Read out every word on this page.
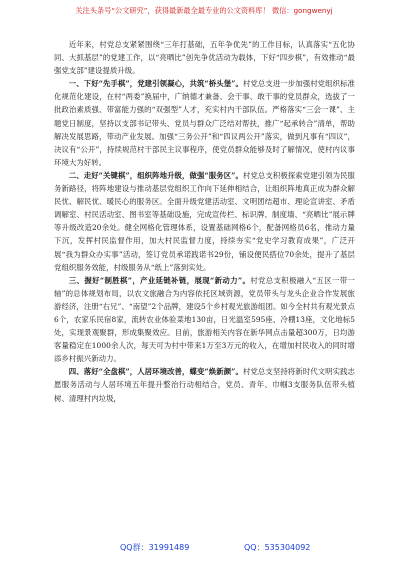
关注头条号“公文研究”，获得最新最全最专业的公文资料库！ 微信：gongwenyj

近年来，村党总支紧紧围绕“三年打基础，五年争优先”的工作目标，认真落实“五化协同、大抓基层”的党建工作，以“亮晒比”创先争优活动为载体，下好“四步棋”，有效推动“最强党支部”建设提质升级。

一、下好“先手棋”，党建引领凝心，共筑“桥头堡”。村党总支进一步加强村党组织标准化规范化建设，在村“两委”换届中，广纳德才兼备、会干事、敢干事的党员群众，选拔了一批政治素质强、带富能力强的“双强型”人才，充实村内干部队伍。严格落实“三会一课”、主题党日制度，坚持以支部书记带头、党员与群众广泛结对帮扶，推广“起承转合”清单，帮助解决发展思路，带动产业发展。加强“三务公开”和“四议两公开”落实，做到凡事有“四议”，决议有“公开”，持续规范村干部民主议事程序，使党员群众能够及时了解情况，使村内议事环境大为好转。

二、走好“关键棋”，组织阵地升级，做强“服务区”。村党总支积极探索党建引领为民服务新路径，将阵地建设与推动基层党组织工作向下延伸相结合，让组织阵地真正成为群众解民忧、解民忧、暖民心的服务区。全面升级党建活动室、文明团结超市、理论宣讲室、矛盾调解室、村民活动室、图书室等基础设施，完成宣传栏、标识牌、制度墙、“亮晒比”展示牌等升级改造20余处。健全网格化管理体系，设置基础网格6个，配备网格员6名，推动力量下沉，发挥村民监督作用，加大村民监督力度，持续夯实“党史学习教育成果”，广泛开展“我为群众办实事”活动，签订党员承诺践诺书29份，铺设便民搭位70余处，提升了基层党组织服务效能，村级服务从“纸上”落到实处。

三、握好“制胜棋”，产业延链补链，展现“新动力”。村党总支积极融入“五区一带一轴”的总体规划布局，以农文旅融合为内容依托区域资源，党员带头与龙头企业合作发展旅游经济，注册“右兄”、“南望”2个品牌，建设5个乡村观光旅游组团。如今全村共有观光景点6个，农家乐民宿8家，流转农业体验菜地130亩，日光温室595座、冷棚13座，文化地标5处，实现景观聚群，形成集聚效应。目前，旅游相关内容在新华网点击量超300万，日均游客量稳定在1000余人次，每天可为村中带来1万至3万元的收入，在增加村民收入的同时增添乡村振兴新动力。

四、落好“全盘棋”，人居环境改善，蝶变“焕新颜”。村党总支坚持将新时代文明实践志愿服务活动与人居环境五年提升整治行动相结合，党员、青年、巾帼3支服务队伍带头植树、清理村内垃圾，

QQ群：31991489	QQ：535304092
